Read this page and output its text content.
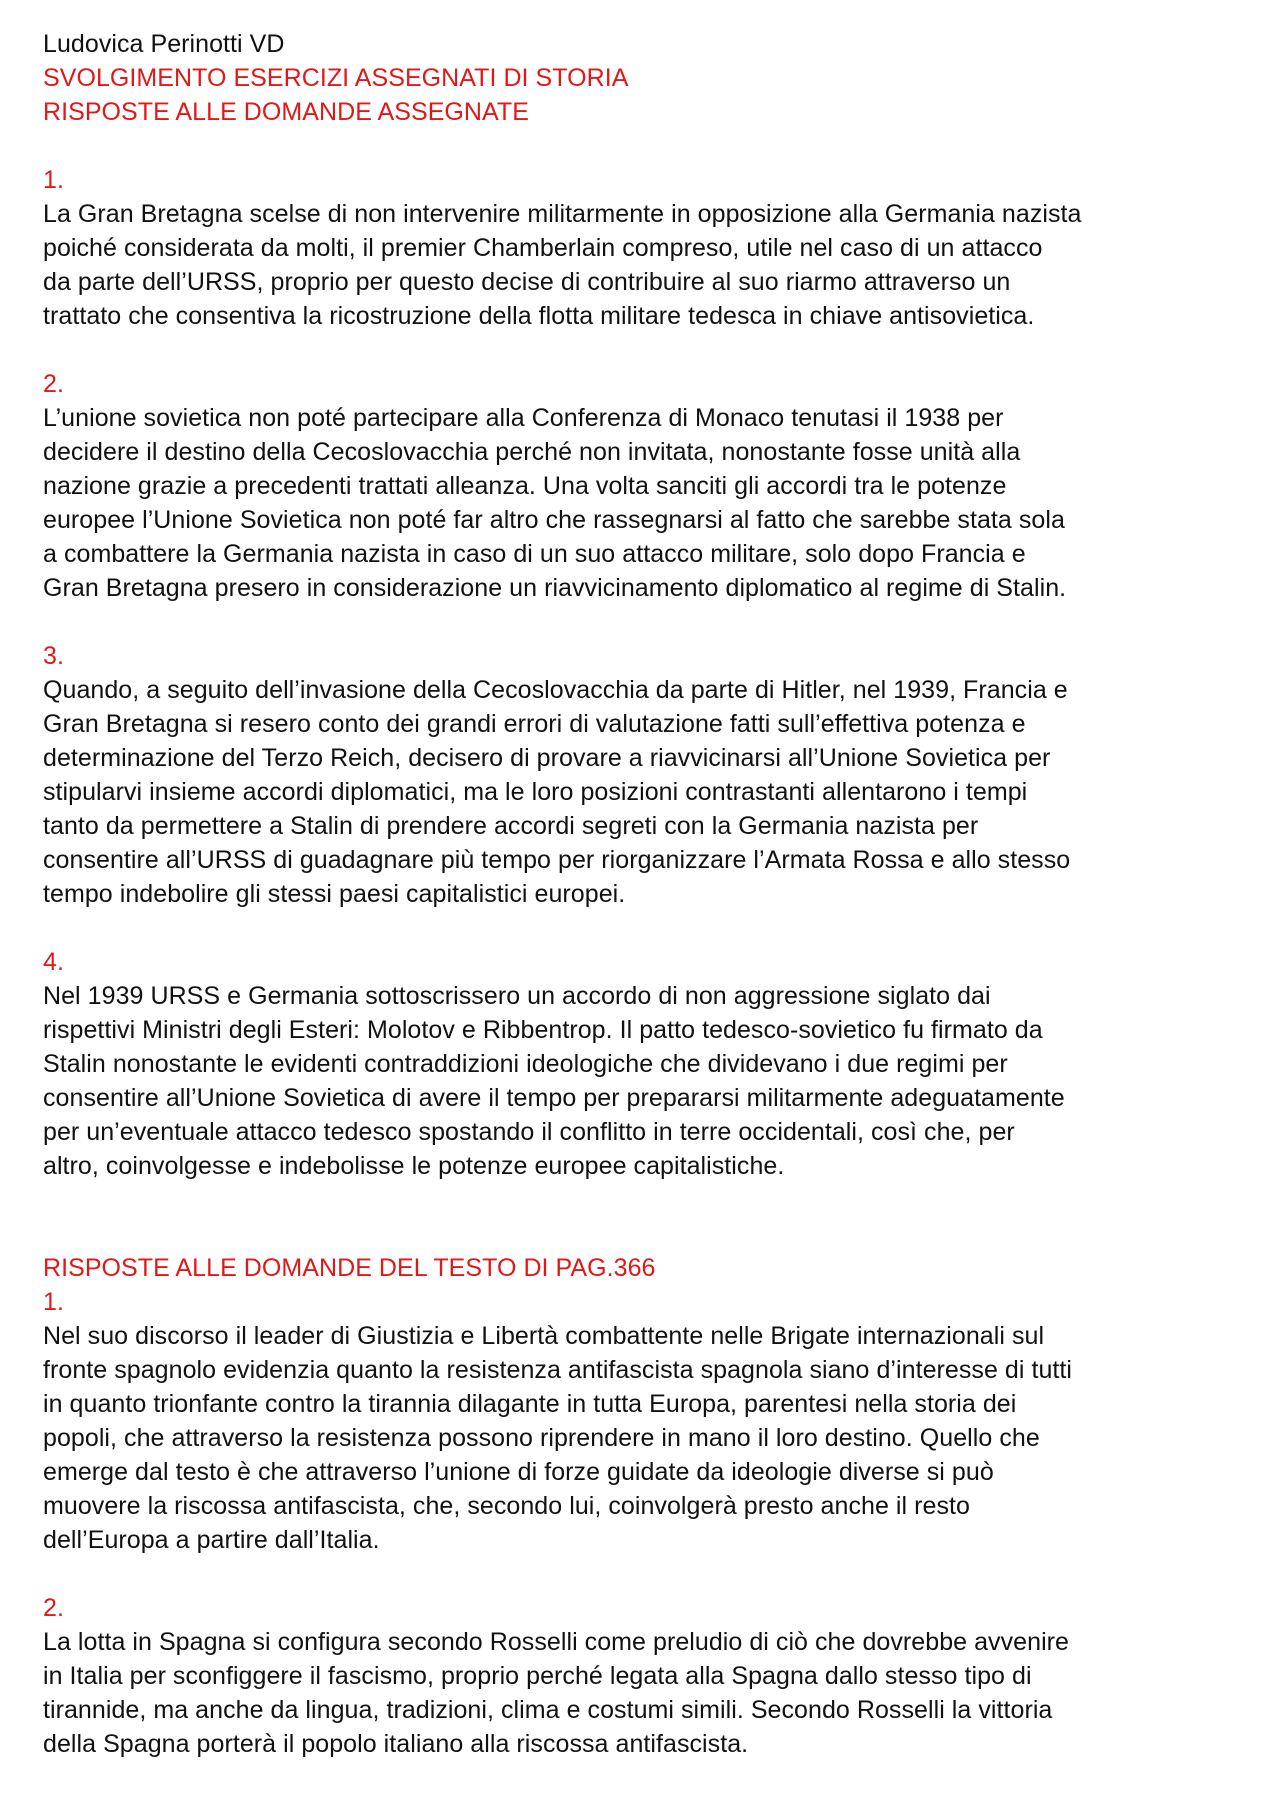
Ludovica Perinotti VD
SVOLGIMENTO ESERCIZI ASSEGNATI DI STORIA
RISPOSTE ALLE DOMANDE ASSEGNATE
1.
La Gran Bretagna scelse di non intervenire militarmente in opposizione alla Germania nazista
poiché considerata da molti, il premier Chamberlain compreso, utile nel caso di un attacco
da parte dell’URSS, proprio per questo decise di contribuire al suo riarmo attraverso un
trattato che consentiva la ricostruzione della flotta militare tedesca in chiave antisovietica.
2.
L’unione sovietica non poté partecipare alla Conferenza di Monaco tenutasi il 1938 per
decidere il destino della Cecoslovacchia perché non invitata, nonostante fosse unità alla
nazione grazie a precedenti trattati alleanza. Una volta sanciti gli accordi tra le potenze
europee l’Unione Sovietica non poté far altro che rassegnarsi al fatto che sarebbe stata sola
a combattere la Germania nazista in caso di un suo attacco militare, solo dopo Francia e
Gran Bretagna presero in considerazione un riavvicinamento diplomatico al regime di Stalin.
3.
Quando, a seguito dell’invasione della Cecoslovacchia da parte di Hitler, nel 1939, Francia e
Gran Bretagna si resero conto dei grandi errori di valutazione fatti sull’effettiva potenza e
determinazione del Terzo Reich, decisero di provare a riavvicinarsi all’Unione Sovietica per
stipularvi insieme accordi diplomatici, ma le loro posizioni contrastanti allentarono i tempi
tanto da permettere a Stalin di prendere accordi segreti con la Germania nazista per
consentire all’URSS di guadagnare più tempo per riorganizzare l’Armata Rossa e allo stesso
tempo indebolire gli stessi paesi capitalistici europei.
4.
Nel 1939 URSS e Germania sottoscrissero un accordo di non aggressione siglato dai
rispettivi Ministri degli Esteri: Molotov e Ribbentrop. Il patto tedesco-sovietico fu firmato da
Stalin nonostante le evidenti contraddizioni ideologiche che dividevano i due regimi per
consentire all’Unione Sovietica di avere il tempo per prepararsi militarmente adeguatamente
per un’eventuale attacco tedesco spostando il conflitto in terre occidentali, così che, per
altro, coinvolgesse e indebolisse le potenze europee capitalistiche.
RISPOSTE ALLE DOMANDE DEL TESTO DI PAG.366
1.
Nel suo discorso il leader di Giustizia e Libertà combattente nelle Brigate internazionali sul
fronte spagnolo evidenzia quanto la resistenza antifascista spagnola siano d’interesse di tutti
in quanto trionfante contro la tirannia dilagante in tutta Europa, parentesi nella storia dei
popoli, che attraverso la resistenza possono riprendere in mano il loro destino. Quello che
emerge dal testo è che attraverso l’unione di forze guidate da ideologie diverse si può
muovere la riscossa antifascista, che, secondo lui, coinvolgerà presto anche il resto
dell’Europa a partire dall’Italia.
2.
La lotta in Spagna si configura secondo Rosselli come preludio di ciò che dovrebbe avvenire
in Italia per sconfiggere il fascismo, proprio perché legata alla Spagna dallo stesso tipo di
tirannide, ma anche da lingua, tradizioni, clima e costumi simili. Secondo Rosselli la vittoria
della Spagna porterà il popolo italiano alla riscossa antifascista.
